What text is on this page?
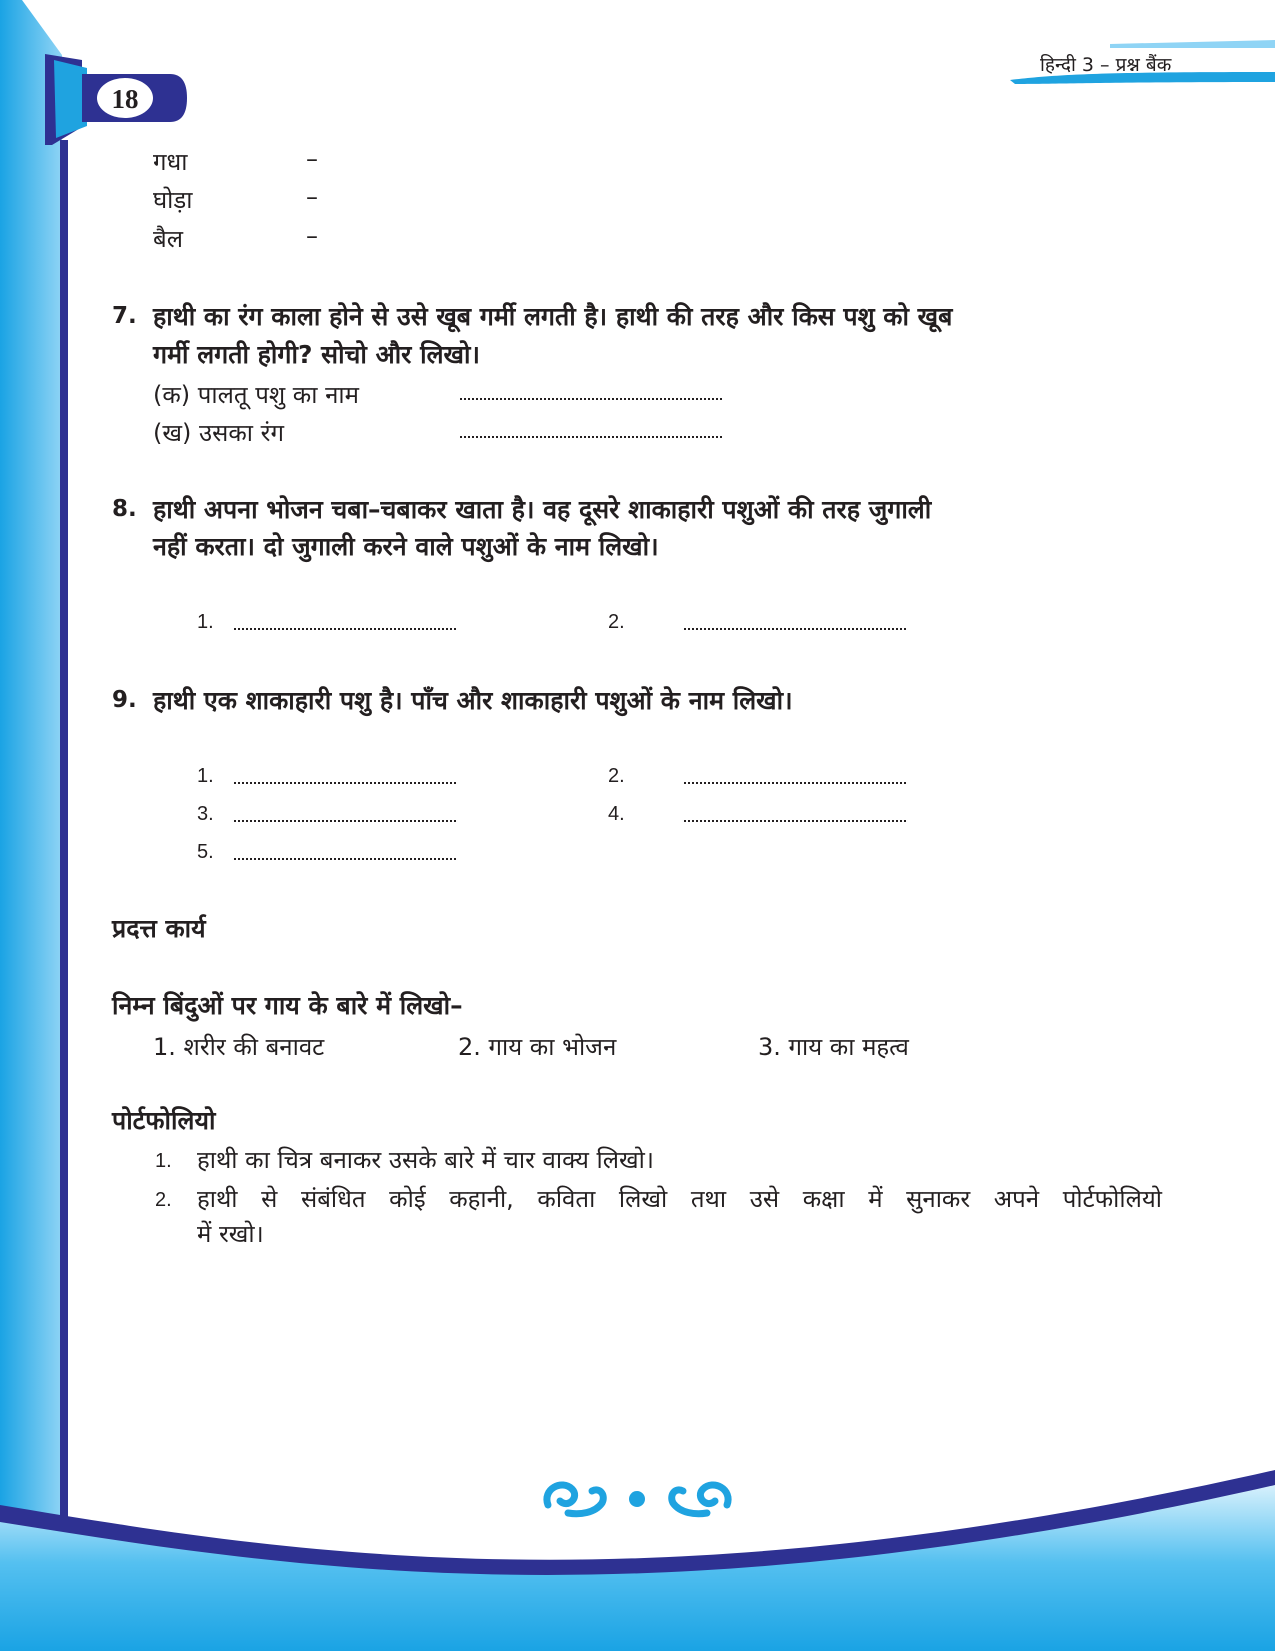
18
हिन्दी 3 – प्रश्न बैंक
गधा	–
घोड़ा	–
बैल	–
7. हाथी का रंग काला होने से उसे खूब गर्मी लगती है। हाथी की तरह और किस पशु को खूब
गर्मी लगती होगी? सोचो और लिखो।
(क) पालतू पशु का नाम
(ख) उसका रंग
8. हाथी अपना भोजन चबा–चबाकर खाता है। वह दूसरे शाकाहारी पशुओं की तरह जुगाली
नहीं करता। दो जुगाली करने वाले पशुओं के नाम लिखो।
1.	2.
9. हाथी एक शाकाहारी पशु है। पाँच और शाकाहारी पशुओं के नाम लिखो।
1.	2.
3.	4.
5.
प्रदत्त कार्य
निम्न बिंदुओं पर गाय के बारे में लिखो–
1. शरीर की बनावट	2. गाय का भोजन	3. गाय का महत्व
पोर्टफोलियो
1. हाथी का चित्र बनाकर उसके बारे में चार वाक्य लिखो।
2. हाथी से संबंधित कोई कहानी, कविता लिखो तथा उसे कक्षा में सुनाकर अपने पोर्टफोलियो
में रखो।
